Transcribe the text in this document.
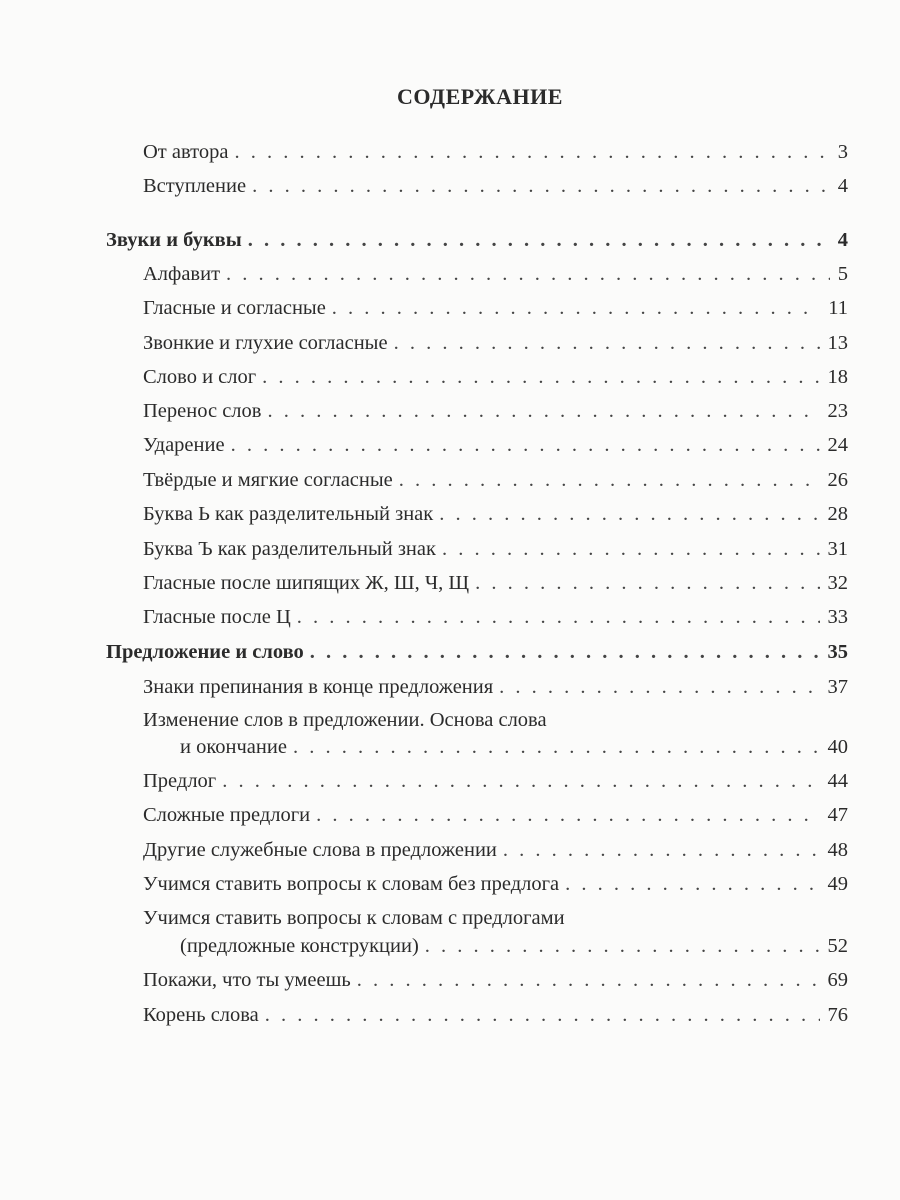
СОДЕРЖАНИЕ
От автора . . .	3
Вступление . . .	4
Звуки и буквы . . .	4
Алфавит . . .	5
Гласные и согласные . . .	11
Звонкие и глухие согласные . . .	13
Слово и слог . . .	18
Перенос слов . . .	23
Ударение . . .	24
Твёрдые и мягкие согласные . . .	26
Буква Ь как разделительный знак . . .	28
Буква Ъ как разделительный знак . . .	31
Гласные после шипящих Ж, Ш, Ч, Щ . . .	32
Гласные после Ц . . .	33
Предложение и слово . . .	35
Знаки препинания в конце предложения . . .	37
Изменение слов в предложении. Основа слова
и окончание . . .	40
Предлог . . .	44
Сложные предлоги . . .	47
Другие служебные слова в предложении . . .	48
Учимся ставить вопросы к словам без предлога . . .	49
Учимся ставить вопросы к словам с предлогами
(предложные конструкции) . . .	52
Покажи, что ты умеешь . . .	69
Корень слова . . .	76
